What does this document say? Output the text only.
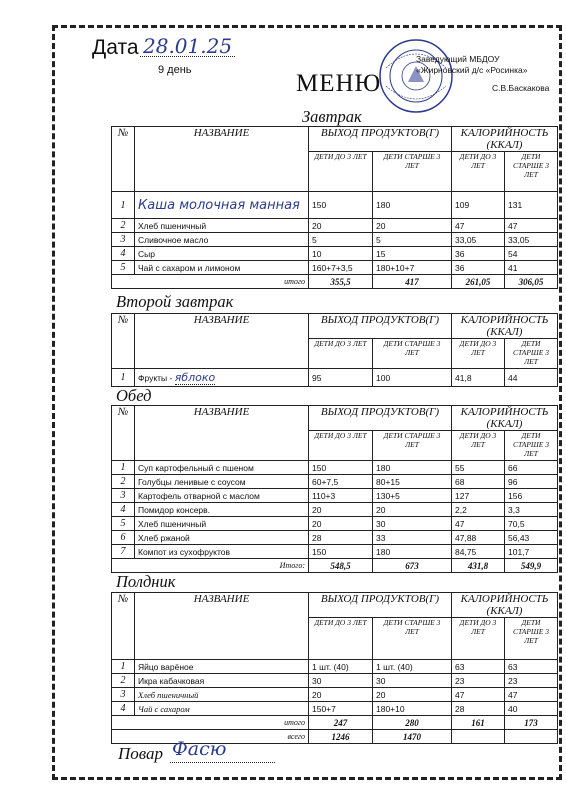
Дата 28.01.25
9 день
Заведующий МБДОУ
«Жирновский д/с «Росинка»
С.В.Баскакова
МЕНЮ
Завтрак
№	НАЗВАНИЕ	ВЫХОД ПРОДУКТОВ(Г)		КАЛОРИЙНОСТЬ (ККАЛ)	
		ДЕТИ ДО 3 ЛЕТ	ДЕТИ СТАРШЕ 3 ЛЕТ	ДЕТИ ДО 3 ЛЕТ	ДЕТИ СТАРШЕ 3 ЛЕТ
1	Каша молочная манная	150	180	109	131
2	Хлеб пшеничный	20	20	47	47
3	Сливочное масло	5	5	33,05	33,05
4	Сыр	10	15	36	54
5	Чай с сахаром и лимоном	160+7+3,5	180+10+7	36	41
итого		355,5	417	261,05	306,05
Второй завтрак
№	НАЗВАНИЕ	ВЫХОД ПРОДУКТОВ(Г)		КАЛОРИЙНОСТЬ (ККАЛ)	
		ДЕТИ ДО 3 ЛЕТ	ДЕТИ СТАРШЕ 3 ЛЕТ	ДЕТИ ДО 3 ЛЕТ	ДЕТИ СТАРШЕ 3 ЛЕТ
1	Фрукты - яблоко	95	100	41,8	44
Обед
№	НАЗВАНИЕ	ВЫХОД ПРОДУКТОВ(Г)		КАЛОРИЙНОСТЬ (ККАЛ)	
		ДЕТИ ДО 3 ЛЕТ	ДЕТИ СТАРШЕ 3 ЛЕТ	ДЕТИ ДО 3 ЛЕТ	ДЕТИ СТАРШЕ 3 ЛЕТ
1	Суп картофельный с пшеном	150	180	55	66
2	Голубцы ленивые с соусом	60+7,5	80+15	68	96
3	Картофель отварной с маслом	110+3	130+5	127	156
4	Помидор консерв.	20	20	2,2	3,3
5	Хлеб пшеничный	20	30	47	70,5
6	Хлеб ржаной	28	33	47,88	56,43
7	Компот из сухофруктов	150	180	84,75	101,7
Итого:		548,5	673	431,8	549,9
Полдник
№	НАЗВАНИЕ	ВЫХОД ПРОДУКТОВ(Г)		КАЛОРИЙНОСТЬ (ККАЛ)	
		ДЕТИ ДО 3 ЛЕТ	ДЕТИ СТАРШЕ 3 ЛЕТ	ДЕТИ ДО 3 ЛЕТ	ДЕТИ СТАРШЕ 3 ЛЕТ
1	Яйцо варёное	1 шт. (40)	1 шт. (40)	63	63
2	Икра кабачковая	30	30	23	23
3	Хлеб пшеничный	20	20	47	47
4	Чай с сахаром	150+7	180+10	28	40
итого		247	280	161	173
всего		1246	1470		
Повар Фасю
